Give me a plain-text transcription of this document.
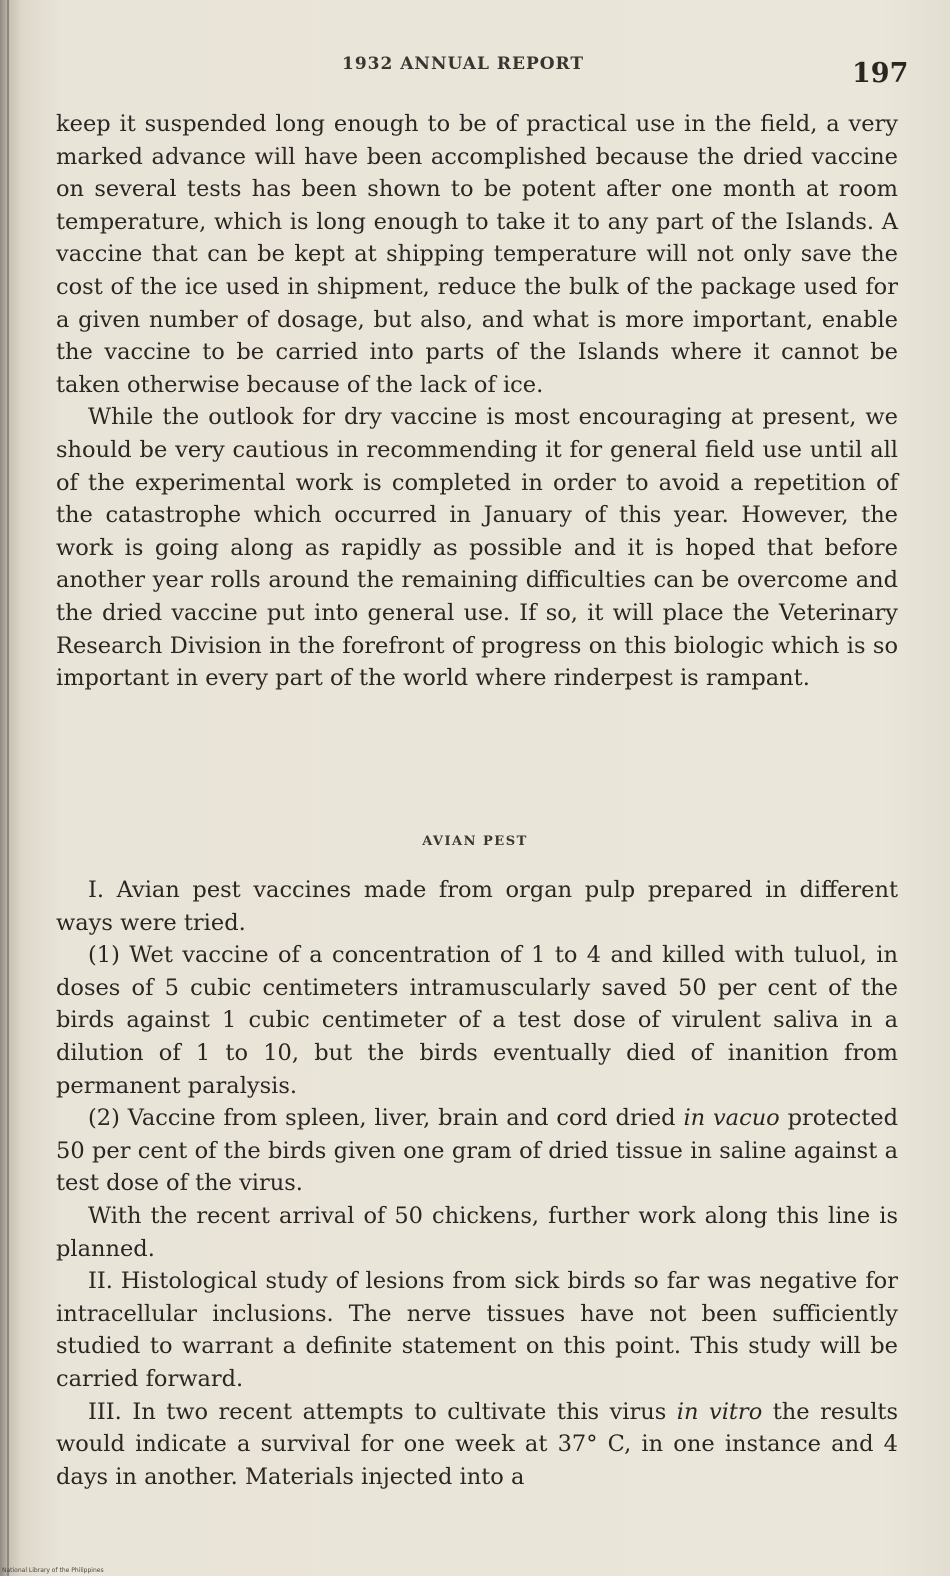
1932 ANNUAL REPORT	197

keep it suspended long enough to be of practical use in the field, a very marked advance will have been accomplished because the dried vaccine on several tests has been shown to be potent after one month at room temperature, which is long enough to take it to any part of the Islands. A vaccine that can be kept at shipping temperature will not only save the cost of the ice used in shipment, reduce the bulk of the package used for a given number of dosage, but also, and what is more important, enable the vaccine to be carried into parts of the Islands where it cannot be taken otherwise because of the lack of ice.

While the outlook for dry vaccine is most encouraging at present, we should be very cautious in recommending it for general field use until all of the experimental work is completed in order to avoid a repetition of the catastrophe which occurred in January of this year. However, the work is going along as rapidly as possible and it is hoped that before another year rolls around the remaining difficulties can be overcome and the dried vaccine put into general use. If so, it will place the Veterinary Research Division in the forefront of progress on this biologic which is so important in every part of the world where rinderpest is rampant.

AVIAN PEST

I. Avian pest vaccines made from organ pulp prepared in different ways were tried.

(1) Wet vaccine of a concentration of 1 to 4 and killed with tuluol, in doses of 5 cubic centimeters intramuscularly saved 50 per cent of the birds against 1 cubic centimeter of a test dose of virulent saliva in a dilution of 1 to 10, but the birds eventually died of inanition from permanent paralysis.

(2) Vaccine from spleen, liver, brain and cord dried in vacuo protected 50 per cent of the birds given one gram of dried tissue in saline against a test dose of the virus.

With the recent arrival of 50 chickens, further work along this line is planned.

II. Histological study of lesions from sick birds so far was negative for intracellular inclusions. The nerve tissues have not been sufficiently studied to warrant a definite statement on this point. This study will be carried forward.

III. In two recent attempts to cultivate this virus in vitro the results would indicate a survival for one week at 37° C, in one instance and 4 days in another. Materials injected into a

National Library of the Philippines
